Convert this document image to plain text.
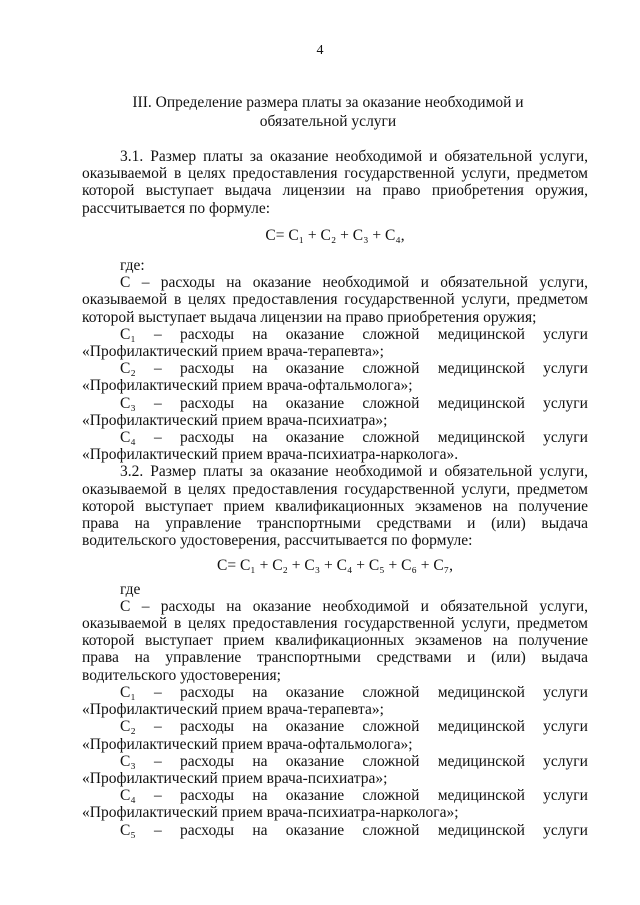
4
III. Определение размера платы за оказание необходимой и обязательной услуги

3.1. Размер платы за оказание необходимой и обязательной услуги, оказываемой в целях предоставления государственной услуги, предметом которой выступает выдача лицензии на право приобретения оружия, рассчитывается по формуле:

С= С₁ + С₂ + С₃ + С₄,

где:

С – расходы на оказание необходимой и обязательной услуги, оказываемой в целях предоставления государственной услуги, предметом которой выступает выдача лицензии на право приобретения оружия;

С₁ – расходы на оказание сложной медицинской услуги

«Профилактический прием врача-терапевта»;

С₂ – расходы на оказание сложной медицинской услуги

«Профилактический прием врача-офтальмолога»;

С₃ – расходы на оказание сложной медицинской услуги

«Профилактический прием врача-психиатра»;

С₄ – расходы на оказание сложной медицинской услуги

«Профилактический прием врача-психиатра-нарколога».

3.2. Размер платы за оказание необходимой и обязательной услуги, оказываемой в целях предоставления государственной услуги, предметом которой выступает прием квалификационных экзаменов на получение права на управление транспортными средствами и (или) выдача водительского удостоверения, рассчитывается по формуле:

С= С₁ + С₂ + С₃ + С₄ + С₅ + С₆ + С₇,

где

С – расходы на оказание необходимой и обязательной услуги, оказываемой в целях предоставления государственной услуги, предметом которой выступает прием квалификационных экзаменов на получение права на управление транспортными средствами и (или) выдача водительского удостоверения;

С₁ – расходы на оказание сложной медицинской услуги

«Профилактический прием врача-терапевта»;

С₂ – расходы на оказание сложной медицинской услуги

«Профилактический прием врача-офтальмолога»;

С₃ – расходы на оказание сложной медицинской услуги

«Профилактический прием врача-психиатра»;

С₄ – расходы на оказание сложной медицинской услуги

«Профилактический прием врача-психиатра-нарколога»;

С₅ – расходы на оказание сложной медицинской услуги
